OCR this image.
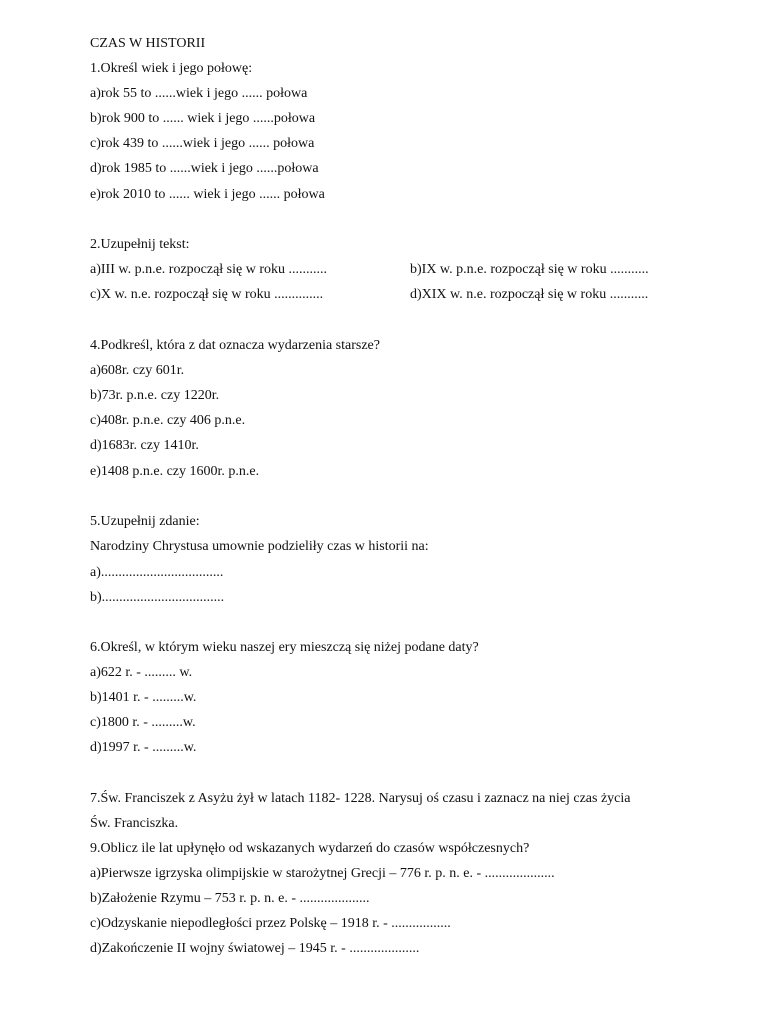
CZAS W HISTORII
1.Określ wiek i jego połowę:
a)rok 55 to ......wiek i jego ...... połowa
b)rok 900 to ...... wiek i jego ......połowa
c)rok 439 to ......wiek i jego ...... połowa
d)rok 1985 to ......wiek i jego ......połowa
e)rok 2010 to ...... wiek i jego ...... połowa
2.Uzupełnij tekst:
a)III w. p.n.e. rozpoczął się w roku ...........	b)IX w. p.n.e. rozpoczął się w roku ...........
c)X w. n.e. rozpoczął się w roku ..............	d)XIX w. n.e. rozpoczął się w roku ...........
4.Podkreśl, która z dat oznacza wydarzenia starsze?
a)608r. czy 601r.
b)73r. p.n.e. czy 1220r.
c)408r. p.n.e. czy 406 p.n.e.
d)1683r. czy 1410r.
e)1408 p.n.e. czy 1600r. p.n.e.
5.Uzupełnij zdanie:
Narodziny Chrystusa umownie podzieliły czas w historii na:
a)...................................
b)...................................
6.Określ, w którym wieku naszej ery mieszczą się niżej podane daty?
a)622 r. - ......... w.
b)1401 r. - .........w.
c)1800 r. - .........w.
d)1997 r. - .........w.
7.Św. Franciszek z Asyżu żył w latach 1182- 1228. Narysuj oś czasu i zaznacz na niej czas życia
Św. Franciszka.
9.Oblicz ile lat upłynęło od wskazanych wydarzeń do czasów współczesnych?
a)Pierwsze igrzyska olimpijskie w starożytnej Grecji – 776 r. p. n. e. - ....................
b)Założenie Rzymu – 753 r. p. n. e. - ....................
c)Odzyskanie niepodległości przez Polskę – 1918 r. - .................
d)Zakończenie II wojny światowej – 1945 r. - ....................
